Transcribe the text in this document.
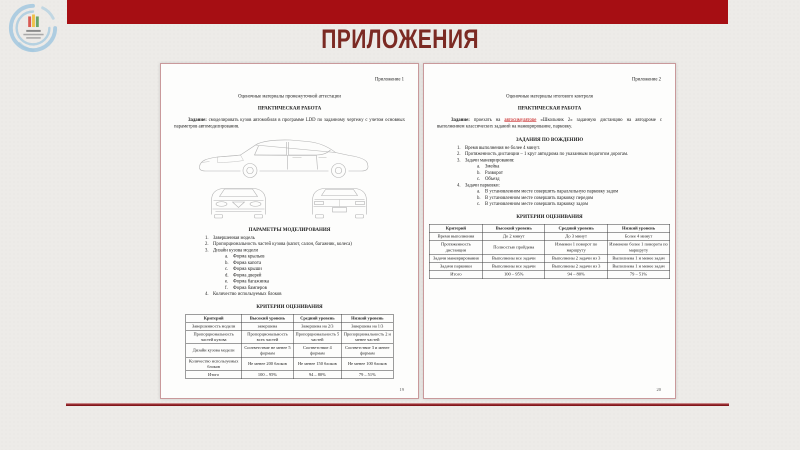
ПРИЛОЖЕНИЯ
Приложение 1
Оценочные материалы промежуточной аттестации
ПРАКТИЧЕСКАЯ РАБОТА
Задание: смоделировать кузов автомобиля в программе LDD по заданному чертежу с учетом основных параметров автомоделирования.
ПАРАМЕТРЫ МОДЕЛИРОВАНИЯ
1. Завершенная модель
2. Пропорциональность частей кузова (капот, салон, багажник, колеса)
3. Дизайн кузова модели
a. Форма крыльев
b. Форма капота
c. Форма крыши
d. Форма дверей
e. Форма багажника
f. Форма бамперов
4. Количество используемых блоков
КРИТЕРИИ ОЦЕНИВАНИЯ
Критерий	Высокий уровень	Средний уровень	Низкий уровень
Завершенность модели	завершена	Завершена на 2/3	Завершена на 1/3
Пропорциональность частей кузова	Пропорциональность всех частей	Пропорциональность 5 частей	Пропорциональность 2 и менее частей
Дизайн кузова модели	Соответствие не менее 5 формам	Соответствие 4 формам	Соответствие 3 и менее формам
Количество используемых блоков	Не менее 200 блоков	Не менее 150 блоков	Не менее 100 блоков
Итого	100 – 95%	94 – 80%	79 – 51%
19
Приложение 2
Оценочные материалы итогового контроля
ПРАКТИЧЕСКАЯ РАБОТА
Задание: проехать на автосимуляторе «Школьник 2» заданную дистанцию на автодроме с выполнением классических заданий на маневрирование, парковку.
ЗАДАНИЯ ПО ВОЖДЕНИЮ
1. Время выполнения не более 4 минут.
2. Протяженность дистанции – 1 круг автодрома по указанным педагогом дорогам.
3. Задачи маневрирования:
a. Змейка
b. Разворот
c. Объезд
4. Задачи парковки:
a. В установленном месте совершить параллельную парковку задом
b. В установленном месте совершить парковку передом
c. В установленном месте совершить парковку задом
КРИТЕРИИ ОЦЕНИВАНИЯ
Критерий	Высокий уровень	Средний уровень	Низкий уровень
Время выполнения	До 2 минут	До 3 минут	Более 4 минут
Протяженность дистанции	Полностью пройдена	Изменен 1 поворот по маршруту	Изменено более 1 поворота по маршруту
Задачи маневрирования	Выполнены все задачи	Выполнены 2 задачи из 3	Выполнена 1 и менее задач
Задачи парковки	Выполнены все задачи	Выполнены 2 задачи из 3	Выполнена 1 и менее задач
Итого	100 – 95%	94 – 80%	79 – 51%
20
